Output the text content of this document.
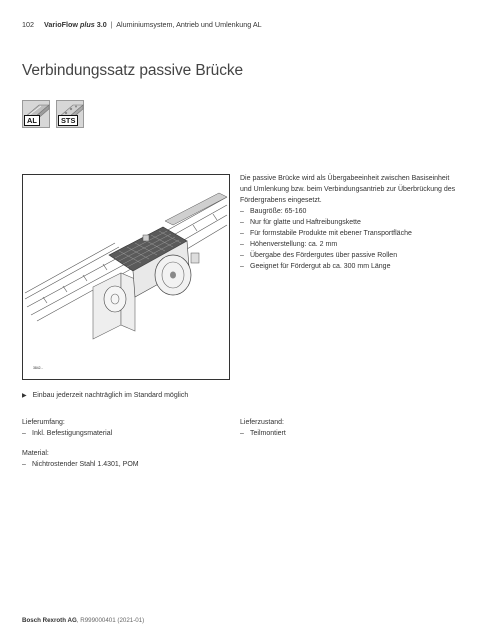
102 VarioFlow plus 3.0 | Aluminiumsystem, Antrieb und Umlenkung AL
Verbindungssatz passive Brücke
AL	STS
3842...

Die passive Brücke wird als Übergabeeinheit zwischen Basiseinheit und Umlenkung bzw. beim Verbindungsantrieb zur Überbrückung des Fördergrabens eingesetzt.

– Baugröße: 65-160
– Nur für glatte und Haftreibungskette
– Für formstabile Produkte mit ebener Transportfläche
– Höhenverstellung: ca. 2 mm
– Übergabe des Fördergutes über passive Rollen
– Geeignet für Fördergut ab ca. 300 mm Länge
▶ Einbau jederzeit nachträglich im Standard möglich
Lieferumfang:
– Inkl. Befestigungsmaterial
Lieferzustand:
– Teilmontiert
Material:
– Nichtrostender Stahl 1.4301, POM
Bosch Rexroth AG, R999000401 (2021-01)
